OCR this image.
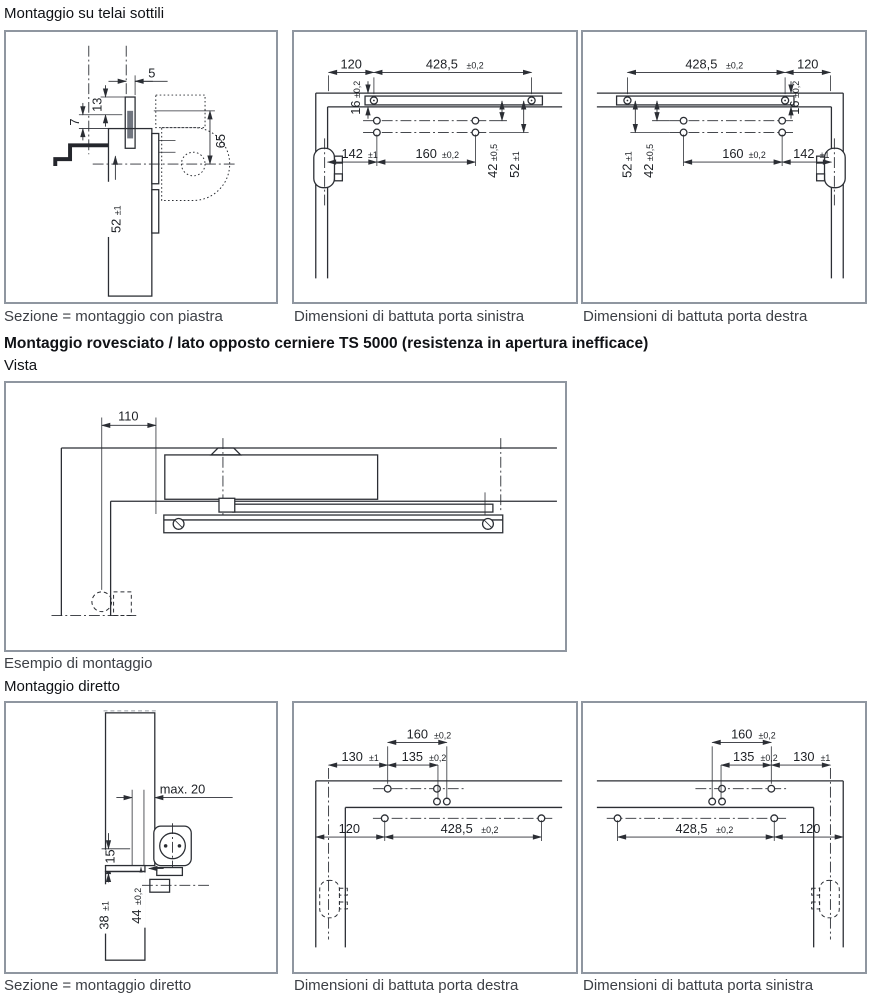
Montaggio su telai sottili
5
13
7
65
52
±1
120	428,5 ±0,2
16
±0,2
142 ±1	160 ±0,2
42
±0,5
52
±1
428,5 ±0,2	120
16
±0,2
160 ±0,2 142 ±1
42
±0,5
52
±1
Sezione = montaggio con piastra	Dimensioni di battuta porta sinistra	Dimensioni di battuta porta destra
Montaggio rovesciato / lato opposto cerniere TS 5000 (resistenza in apertura inefficace)
Vista
110
Esempio di montaggio
Montaggio diretto
max. 20
15
38
±1
44
±0,2
160 ±0,2
130 ±1 135 ±0,2
120	428,5 ±0,2
160 ±0,2
135 ±0,2 130 ±1
428,5 ±0,2	120
Sezione = montaggio diretto	Dimensioni di battuta porta destra	Dimensioni di battuta porta sinistra
